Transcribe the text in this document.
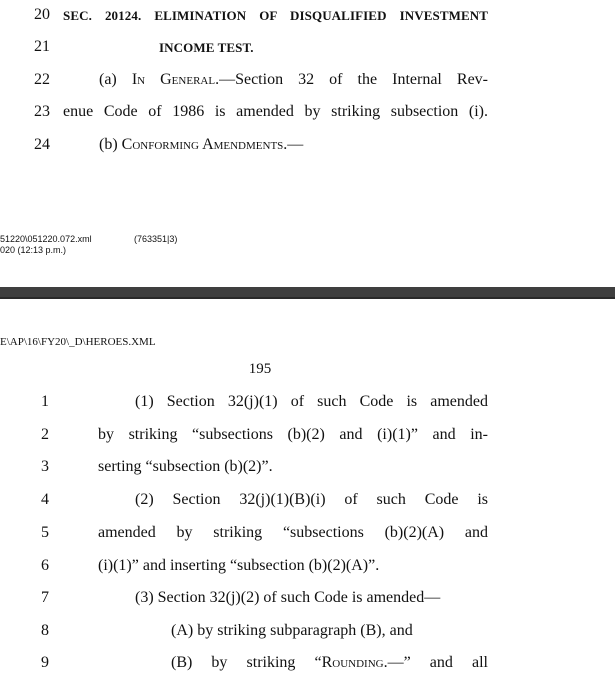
20	SEC. 20124. ELIMINATION OF DISQUALIFIED INVESTMENT
21	INCOME TEST.
22	(a) In General.—Section 32 of the Internal Rev-
23 enue Code of 1986 is amended by striking subsection (i).
24	(b) Conforming Amendments.—
51220\051220.072.xml	(763351|3)
020 (12:13 p.m.)
E\AP\16\FY20\_D\HEROES.XML
195
1	(1) Section 32(j)(1) of such Code is amended
2	by striking “subsections (b)(2) and (i)(1)” and in-
3	serting “subsection (b)(2)”.
4	(2) Section 32(j)(1)(B)(i) of such Code is
5	amended by striking “subsections (b)(2)(A) and
6	(i)(1)” and inserting “subsection (b)(2)(A)”.
7	(3) Section 32(j)(2) of such Code is amended—
8	(A) by striking subparagraph (B), and
9	(B) by striking “Rounding.—” and all
